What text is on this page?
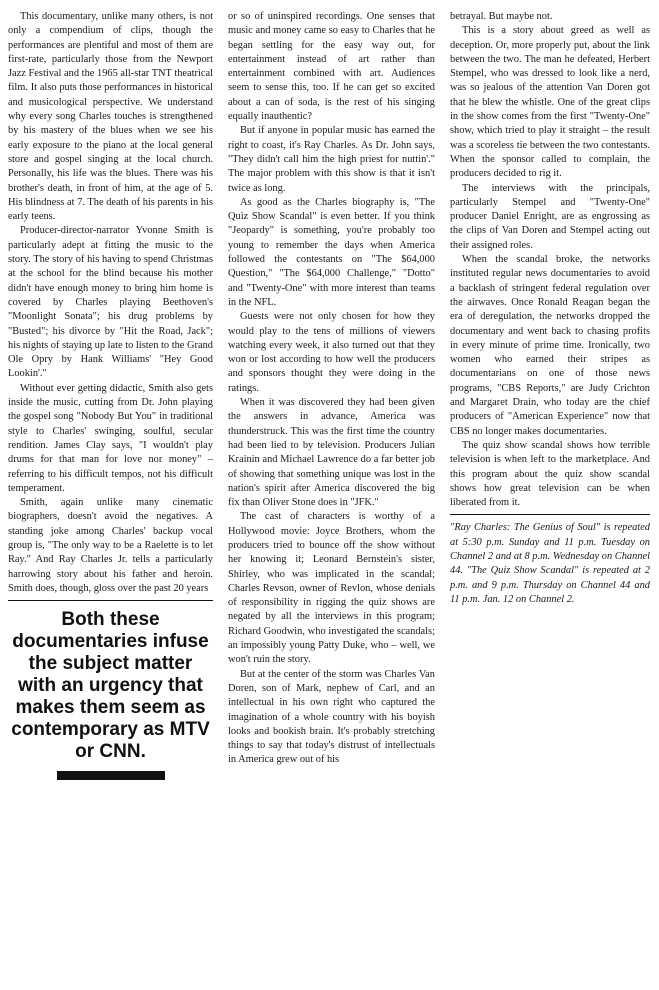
This documentary, unlike many others, is not only a compendium of clips, though the performances are plentiful and most of them are first-rate, particularly those from the Newport Jazz Festival and the 1965 all-star TNT theatrical film. It also puts those performances in historical and musicological perspective. We understand why every song Charles touches is strengthened by his mastery of the blues when we see his early exposure to the piano at the local general store and gospel singing at the local church. Personally, his life was the blues. There was his brother's death, in front of him, at the age of 5. His blindness at 7. The death of his parents in his early teens.

Producer-director-narrator Yvonne Smith is particularly adept at fitting the music to the story. The story of his having to spend Christmas at the school for the blind because his mother didn't have enough money to bring him home is covered by Charles playing Beethoven's "Moonlight Sonata"; his drug problems by "Busted"; his divorce by "Hit the Road, Jack"; his nights of staying up late to listen to the Grand Ole Opry by Hank Williams' "Hey Good Lookin'."

Without ever getting didactic, Smith also gets inside the music, cutting from Dr. John playing the gospel song "Nobody But You" in traditional style to Charles' swinging, soulful, secular rendition. James Clay says, "I wouldn't play drums for that man for love nor money" – referring to his difficult tempos, not his difficult temperament.

Smith, again unlike many cinematic biographers, doesn't avoid the negatives. A standing joke among Charles' backup vocal group is, "The only way to be a Raelette is to let Ray." And Ray Charles Jr. tells a particularly harrowing story about his father and heroin. Smith does, though, gloss over the past 20 years

Both these documentaries infuse the subject matter with an urgency that makes them seem as contemporary as MTV or CNN.

or so of uninspired recordings. One senses that music and money came so easy to Charles that he began settling for the easy way out, for entertainment instead of art rather than entertainment combined with art. Audiences seem to sense this, too. If he can get so excited about a can of soda, is the rest of his singing equally inauthentic?

But if anyone in popular music has earned the right to coast, it's Ray Charles. As Dr. John says, "They didn't call him the high priest for nuttin'." The major problem with this show is that it isn't twice as long.

As good as the Charles biography is, "The Quiz Show Scandal" is even better. If you think "Jeopardy" is something, you're probably too young to remember the days when America followed the contestants on "The $64,000 Question," "The $64,000 Challenge," "Dotto" and "Twenty-One" with more interest than teams in the NFL.

Guests were not only chosen for how they would play to the tens of millions of viewers watching every week, it also turned out that they won or lost according to how well the producers and sponsors thought they were doing in the ratings.

When it was discovered they had been given the answers in advance, America was thunderstruck. This was the first time the country had been lied to by television. Producers Julian Krainin and Michael Lawrence do a far better job of showing that something unique was lost in the nation's spirit after America discovered the big fix than Oliver Stone does in "JFK."

The cast of characters is worthy of a Hollywood movie: Joyce Brothers, whom the producers tried to bounce off the show without her knowing it; Leonard Bernstein's sister, Shirley, who was implicated in the scandal; Charles Revson, owner of Revlon, whose denials of responsibility in rigging the quiz shows are negated by all the interviews in this program; Richard Goodwin, who investigated the scandals; an impossibly young Patty Duke, who – well, we won't ruin the story.

But at the center of the storm was Charles Van Doren, son of Mark, nephew of Carl, and an intellectual in his own right who captured the imagination of a whole country with his boyish looks and bookish brain. It's probably stretching things to say that today's distrust of intellectuals in America grew out of his

betrayal. But maybe not.

This is a story about greed as well as deception. Or, more properly put, about the link between the two. The man he defeated, Herbert Stempel, who was dressed to look like a nerd, was so jealous of the attention Van Doren got that he blew the whistle. One of the great clips in the show comes from the first "Twenty-One" show, which tried to play it straight – the result was a scoreless tie between the two contestants. When the sponsor called to complain, the producers decided to rig it.

The interviews with the principals, particularly Stempel and "Twenty-One" producer Daniel Enright, are as engrossing as the clips of Van Doren and Stempel acting out their assigned roles.

When the scandal broke, the networks instituted regular news documentaries to avoid a backlash of stringent federal regulation over the airwaves. Once Ronald Reagan began the era of deregulation, the networks dropped the documentary and went back to chasing profits in every minute of prime time. Ironically, two women who earned their stripes as documentarians on one of those news programs, "CBS Reports," are Judy Crichton and Margaret Drain, who today are the chief producers of "American Experience" now that CBS no longer makes documentaries.

The quiz show scandal shows how terrible television is when left to the marketplace. And this program about the quiz show scandal shows how great television can be when liberated from it.

"Ray Charles: The Genius of Soul" is repeated at 5:30 p.m. Sunday and 11 p.m. Tuesday on Channel 2 and at 8 p.m. Wednesday on Channel 44. "The Quiz Show Scandal" is repeated at 2 p.m. and 9 p.m. Thursday on Channel 44 and 11 p.m. Jan. 12 on Channel 2.
